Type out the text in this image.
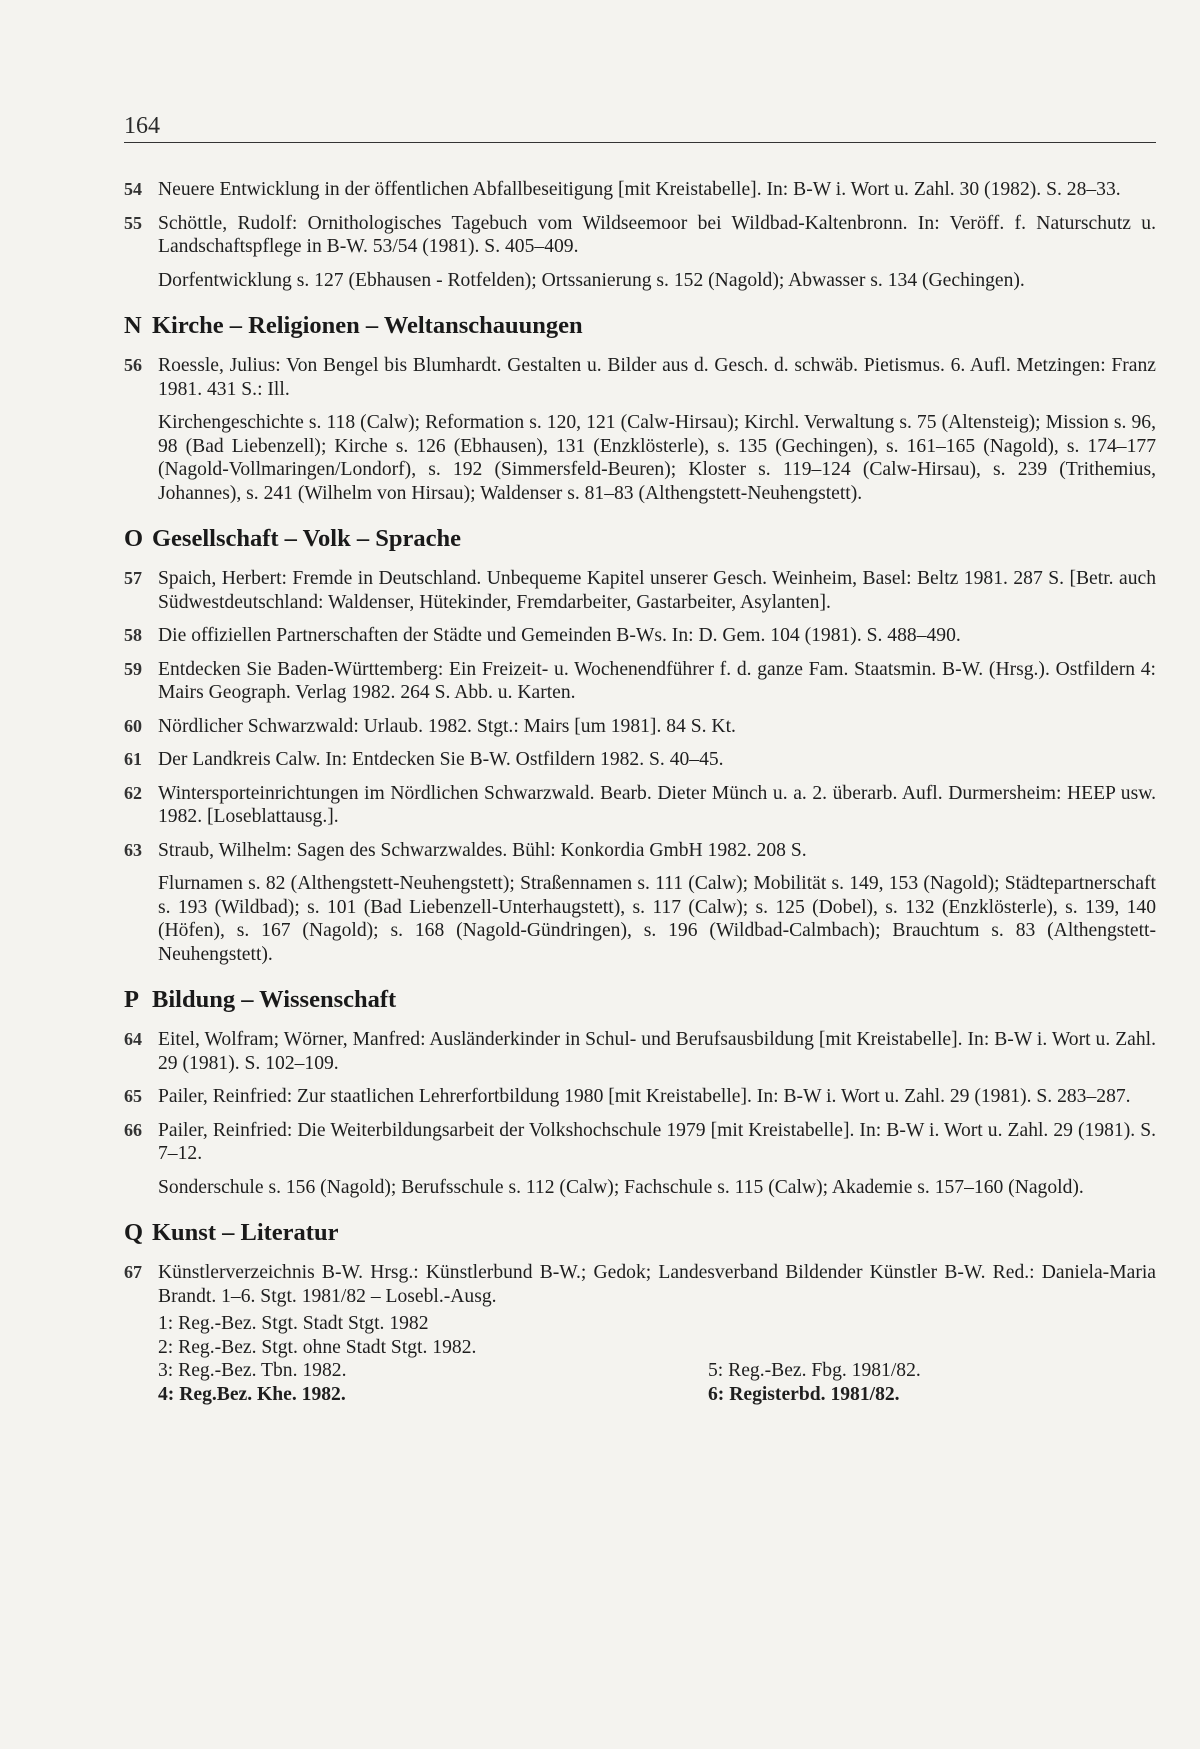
164
54 Neuere Entwicklung in der öffentlichen Abfallbeseitigung [mit Kreistabelle]. In: B-W i. Wort u. Zahl. 30 (1982). S. 28–33.
55 Schöttle, Rudolf: Ornithologisches Tagebuch vom Wildseemoor bei Wildbad-Kaltenbronn. In: Veröff. f. Naturschutz u. Landschaftspflege in B-W. 53/54 (1981). S. 405–409.
Dorfentwicklung s. 127 (Ebhausen - Rotfelden); Ortssanierung s. 152 (Nagold); Abwasser s. 134 (Gechingen).
N Kirche – Religionen – Weltanschauungen
56 Roessle, Julius: Von Bengel bis Blumhardt. Gestalten u. Bilder aus d. Gesch. d. schwäb. Pietismus. 6. Aufl. Metzingen: Franz 1981. 431 S.: Ill.
Kirchengeschichte s. 118 (Calw); Reformation s. 120, 121 (Calw-Hirsau); Kirchl. Verwaltung s. 75 (Altensteig); Mission s. 96, 98 (Bad Liebenzell); Kirche s. 126 (Ebhausen), 131 (Enzklösterle), s. 135 (Gechingen), s. 161–165 (Nagold), s. 174–177 (Nagold-Vollmaringen/Londorf), s. 192 (Simmersfeld-Beuren); Kloster s. 119–124 (Calw-Hirsau), s. 239 (Trithemius, Johannes), s. 241 (Wilhelm von Hirsau); Waldenser s. 81–83 (Althengstett-Neuhengstett).
O Gesellschaft – Volk – Sprache
57 Spaich, Herbert: Fremde in Deutschland. Unbequeme Kapitel unserer Gesch. Weinheim, Basel: Beltz 1981. 287 S. [Betr. auch Südwestdeutschland: Waldenser, Hütekinder, Fremdarbeiter, Gastarbeiter, Asylanten].
58 Die offiziellen Partnerschaften der Städte und Gemeinden B-Ws. In: D. Gem. 104 (1981). S. 488–490.
59 Entdecken Sie Baden-Württemberg: Ein Freizeit- u. Wochenendführer f. d. ganze Fam. Staatsmin. B-W. (Hrsg.). Ostfildern 4: Mairs Geograph. Verlag 1982. 264 S. Abb. u. Karten.
60 Nördlicher Schwarzwald: Urlaub. 1982. Stgt.: Mairs [um 1981]. 84 S. Kt.
61 Der Landkreis Calw. In: Entdecken Sie B-W. Ostfildern 1982. S. 40–45.
62 Wintersporteinrichtungen im Nördlichen Schwarzwald. Bearb. Dieter Münch u. a. 2. überarb. Aufl. Durmersheim: HEEP usw. 1982. [Loseblattausg.].
63 Straub, Wilhelm: Sagen des Schwarzwaldes. Bühl: Konkordia GmbH 1982. 208 S.
Flurnamen s. 82 (Althengstett-Neuhengstett); Straßennamen s. 111 (Calw); Mobilität s. 149, 153 (Nagold); Städtepartnerschaft s. 193 (Wildbad); s. 101 (Bad Liebenzell-Unterhaugstett), s. 117 (Calw); s. 125 (Dobel), s. 132 (Enzklösterle), s. 139, 140 (Höfen), s. 167 (Nagold); s. 168 (Nagold-Gündringen), s. 196 (Wildbad-Calmbach); Brauchtum s. 83 (Althengstett-Neuhengstett).
P Bildung – Wissenschaft
64 Eitel, Wolfram; Wörner, Manfred: Ausländerkinder in Schul- und Berufsausbildung [mit Kreistabelle]. In: B-W i. Wort u. Zahl. 29 (1981). S. 102–109.
65 Pailer, Reinfried: Zur staatlichen Lehrerfortbildung 1980 [mit Kreistabelle]. In: B-W i. Wort u. Zahl. 29 (1981). S. 283–287.
66 Pailer, Reinfried: Die Weiterbildungsarbeit der Volkshochschule 1979 [mit Kreistabelle]. In: B-W i. Wort u. Zahl. 29 (1981). S. 7–12.
Sonderschule s. 156 (Nagold); Berufsschule s. 112 (Calw); Fachschule s. 115 (Calw); Akademie s. 157–160 (Nagold).
Q Kunst – Literatur
67 Künstlerverzeichnis B-W. Hrsg.: Künstlerbund B-W.; Gedok; Landesverband Bildender Künstler B-W. Red.: Daniela-Maria Brandt. 1–6. Stgt. 1981/82 – Losebl.-Ausg.
1: Reg.-Bez. Stgt. Stadt Stgt. 1982
2: Reg.-Bez. Stgt. ohne Stadt Stgt. 1982.
3: Reg.-Bez. Tbn. 1982.	5: Reg.-Bez. Fbg. 1981/82.
4: Reg.Bez. Khe. 1982.	6: Registerbd. 1981/82.
